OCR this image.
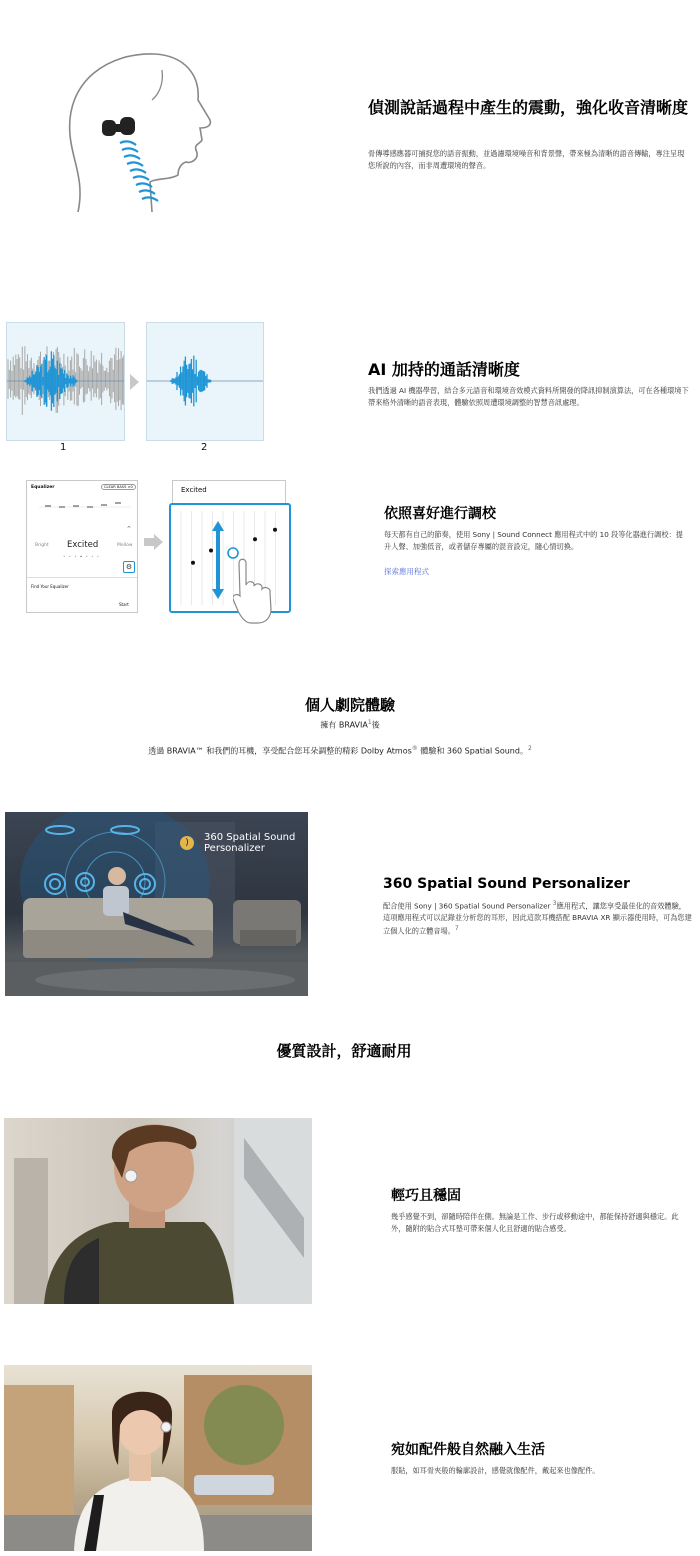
偵測說話過程中產生的震動，強化收音清晰度
骨傳導感應器可捕捉您的語音振動，並過濾環境噪音和背景聲，帶來極為清晰的語音傳輸，專注呈現您所說的內容，而非周遭環境的聲音。
1	2
AI 加持的通話清晰度
我們透過 AI 機器學習，結合多元語音和環境音效模式資料所開發的降訊抑制演算法，可在各種環境下帶來格外清晰的語音表現，體驗依照周遭環境調整的智慧音訊處理。
Equalizer	CLEAR BASS ±0
⌃
Bright Excited	Mellow
• • • • • • •
⚙
Find Your Equalizer
Start
Excited
依照喜好進行調校
每天都有自己的節奏，使用 Sony | Sound Connect 應用程式中的 10 段等化器進行調校：提升人聲、加強低音，或者儲存專屬的混音設定，隨心情切換。
探索應用程式
個人劇院體驗
擁有 BRAVIA$^1$後
透過 BRAVIA™ 和我們的耳機，享受配合您耳朵調整的精彩 Dolby Atmos® 體驗和 360 Spatial Sound。$^2$
)	360 Spatial Sound
Personalizer
360 Spatial Sound Personalizer
配合使用 Sony | 360 Spatial Sound Personalizer $^3$應用程式，讓您享受最佳化的音效體驗，這項應用程式可以記錄並分析您的耳形，因此這款耳機搭配 BRAVIA XR 顯示器使用時，可為您建立個人化的立體音場。$^7$
優質設計，舒適耐用
輕巧且穩固
幾乎感覺不到，卻隨時陪伴在側。無論是工作、步行或移動途中，都能保持舒適與穩定。此外，隨附的貼合式耳墊可帶來個人化且舒適的貼合感受。
宛如配件般自然融入生活
服貼，如耳骨夾般的輪廓設計，感覺就像配件，戴起來也像配件。
